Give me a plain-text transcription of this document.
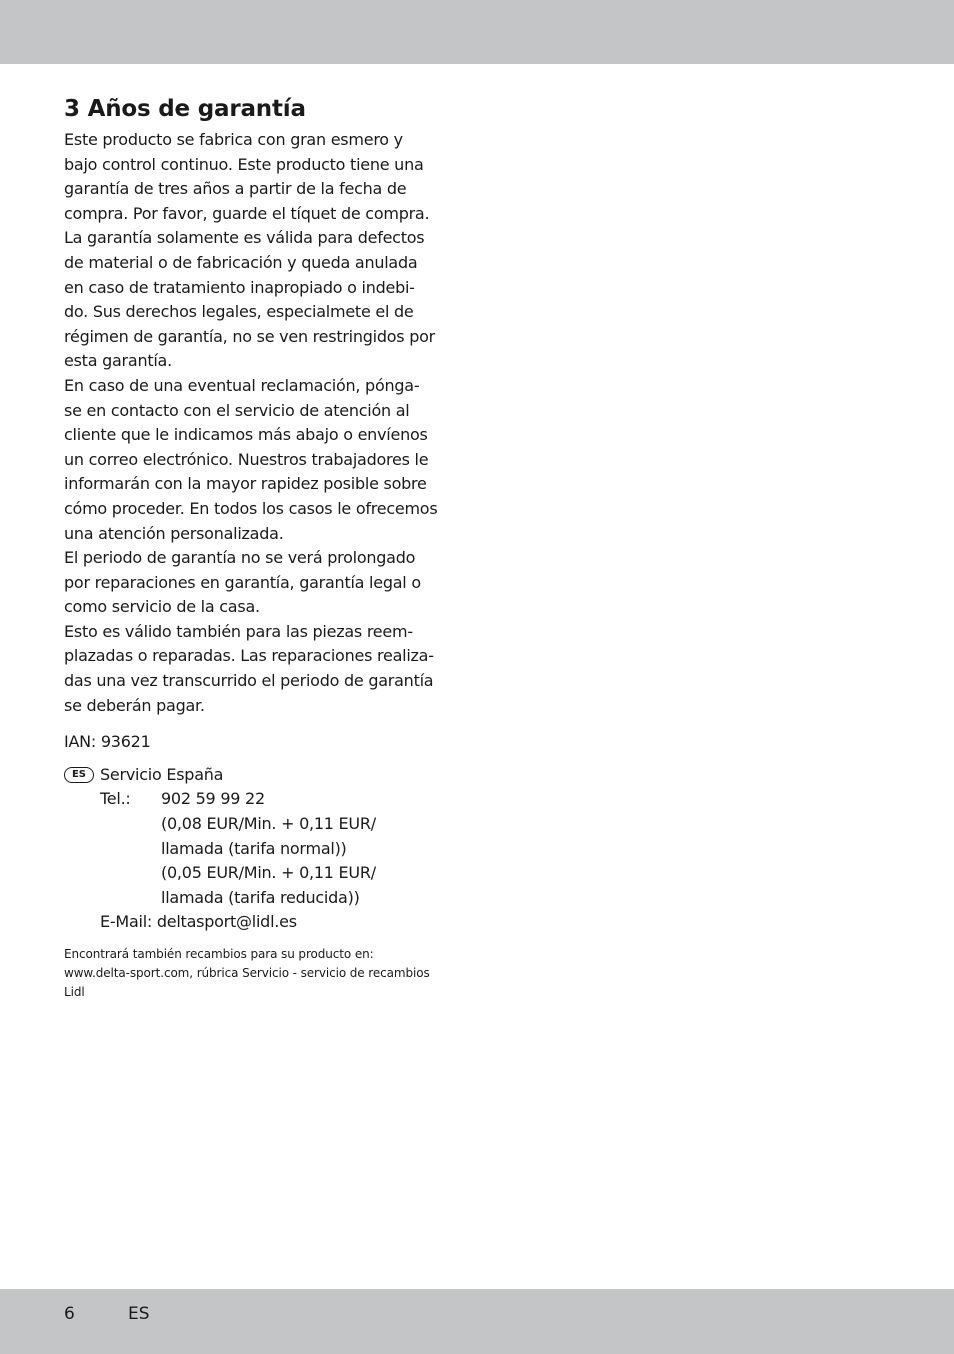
3 Años de garantía

Este producto se fabrica con gran esmero y
bajo control continuo. Este producto tiene una
garantía de tres años a partir de la fecha de
compra. Por favor, guarde el tíquet de compra.
La garantía solamente es válida para defectos
de material o de fabricación y queda anulada
en caso de tratamiento inapropiado o indebi-
do. Sus derechos legales, especialmete el de
régimen de garantía, no se ven restringidos por
esta garantía.
En caso de una eventual reclamación, pónga-
se en contacto con el servicio de atención al
cliente que le indicamos más abajo o envíenos
un correo electrónico. Nuestros trabajadores le
informarán con la mayor rapidez posible sobre
cómo proceder. En todos los casos le ofrecemos
una atención personalizada.
El periodo de garantía no se verá prolongado
por reparaciones en garantía, garantía legal o
como servicio de la casa.
Esto es válido también para las piezas reem-
plazadas o reparadas. Las reparaciones realiza-
das una vez transcurrido el periodo de garantía
se deberán pagar.

IAN: 93621

ES Servicio España
Tel.:	902 59 99 22
(0,08 EUR/Min. + 0,11 EUR/
llamada (tarifa normal))
(0,05 EUR/Min. + 0,11 EUR/
llamada (tarifa reducida))
E-Mail: deltasport@lidl.es

Encontrará también recambios para su producto en:
www.delta-sport.com, rúbrica Servicio - servicio de recambios
Lidl

6	ES
